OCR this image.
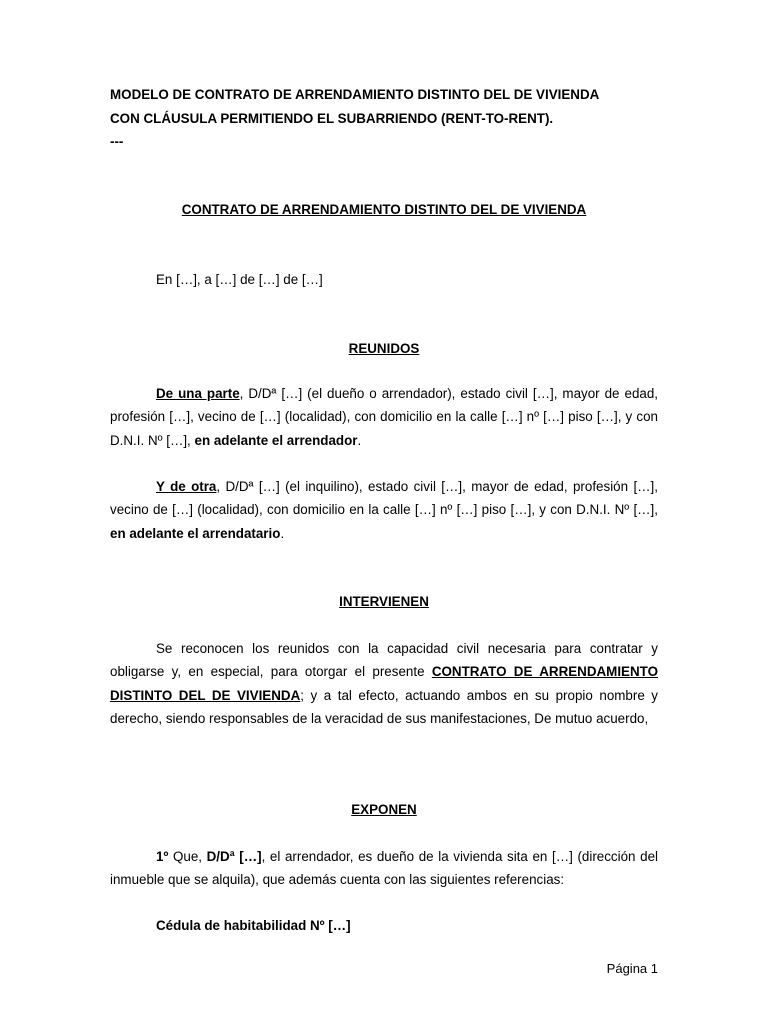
MODELO DE CONTRATO DE ARRENDAMIENTO DISTINTO DEL DE VIVIENDA
CON CLÁUSULA PERMITIENDO EL SUBARRIENDO (RENT-TO-RENT).
---
CONTRATO DE ARRENDAMIENTO DISTINTO DEL DE VIVIENDA
En […], a […] de […] de […]
REUNIDOS
De una parte, D/Dª […] (el dueño o arrendador), estado civil […], mayor de edad, profesión […], vecino de […] (localidad), con domicilio en la calle […] nº […] piso […], y con D.N.I. Nº […], en adelante el arrendador.
Y de otra, D/Dª […] (el inquilino), estado civil […], mayor de edad, profesión […], vecino de […] (localidad), con domicilio en la calle […] nº […] piso […], y con D.N.I. Nº […], en adelante el arrendatario.
INTERVIENEN
Se reconocen los reunidos con la capacidad civil necesaria para contratar y obligarse y, en especial, para otorgar el presente CONTRATO DE ARRENDAMIENTO DISTINTO DEL DE VIVIENDA; y a tal efecto, actuando ambos en su propio nombre y derecho, siendo responsables de la veracidad de sus manifestaciones, De mutuo acuerdo,
EXPONEN
1º Que, D/Dª […], el arrendador, es dueño de la vivienda sita en […] (dirección del inmueble que se alquila), que además cuenta con las siguientes referencias:
Cédula de habitabilidad Nº […]
Página 1
